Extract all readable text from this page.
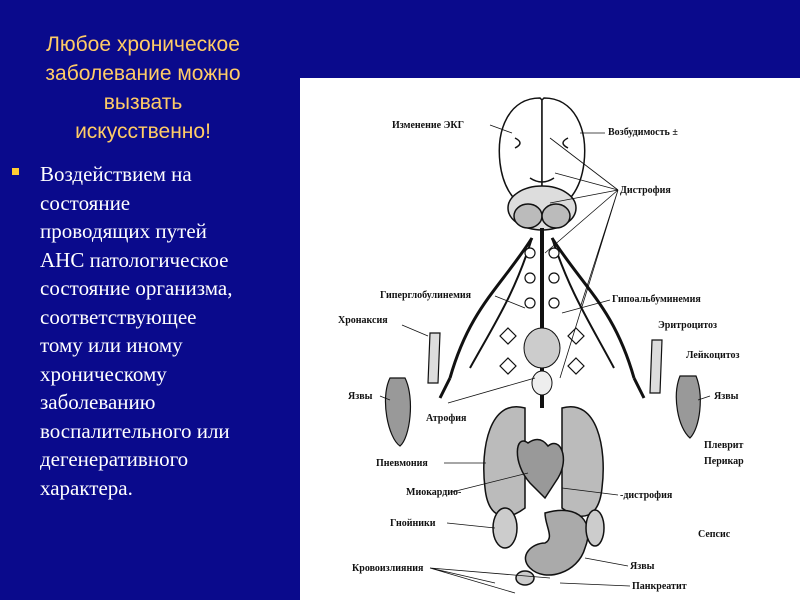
Любое хроническое
заболевание можно
вызвать
искусственно!
Воздействием на
состояние
проводящих путей
АНС патологическое
состояние организма,
соответствующее
тому или иному
хроническому
заболеванию
воспалительного или
дегенеративного
характера.
Изменение ЭКГ
Возбудимость ±
Дистрофия
Гиперглобулинемия	Гипоальбуминемия
Хронаксия	Эритроцитоз
Лейкоцитоз
Язвы	Язвы
Атрофия
Плеврит
Перикар
Пневмония
Миокардио-	-дистрофия
Гнойники
Сепсис
Кровоизлияния	Язвы
Панкреатит
